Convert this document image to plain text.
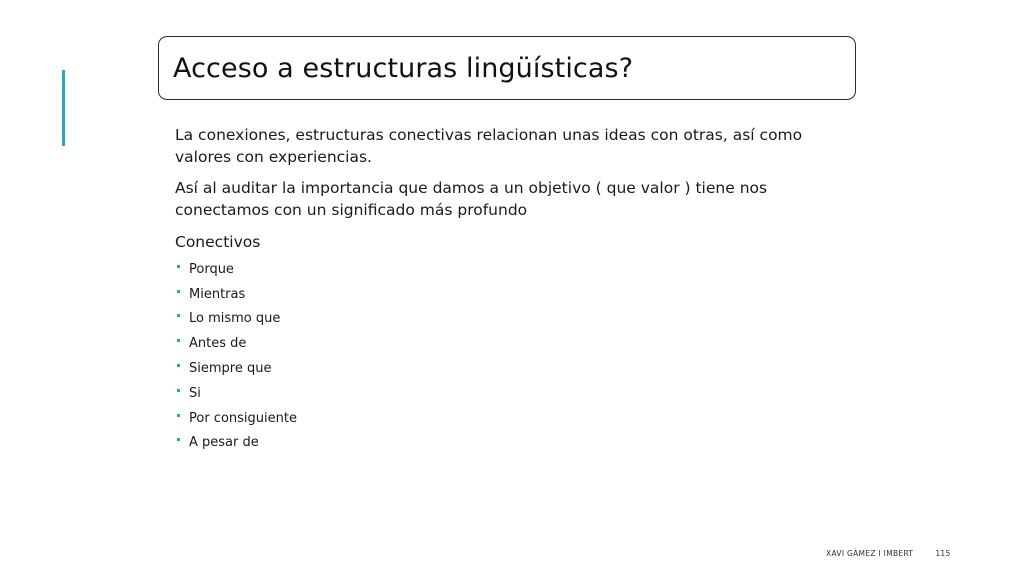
Acceso a estructuras lingüísticas?

La conexiones, estructuras conectivas relacionan unas ideas con otras, así como valores con experiencias.

Así al auditar la importancia que damos a un objetivo ( que valor ) tiene nos conectamos con un significado más profundo

Conectivos
Porque
Mientras
Lo mismo que
Antes de
Siempre que
Si
Por consiguiente
A pesar de
XAVI GÀMEZ I IMBERT	115
